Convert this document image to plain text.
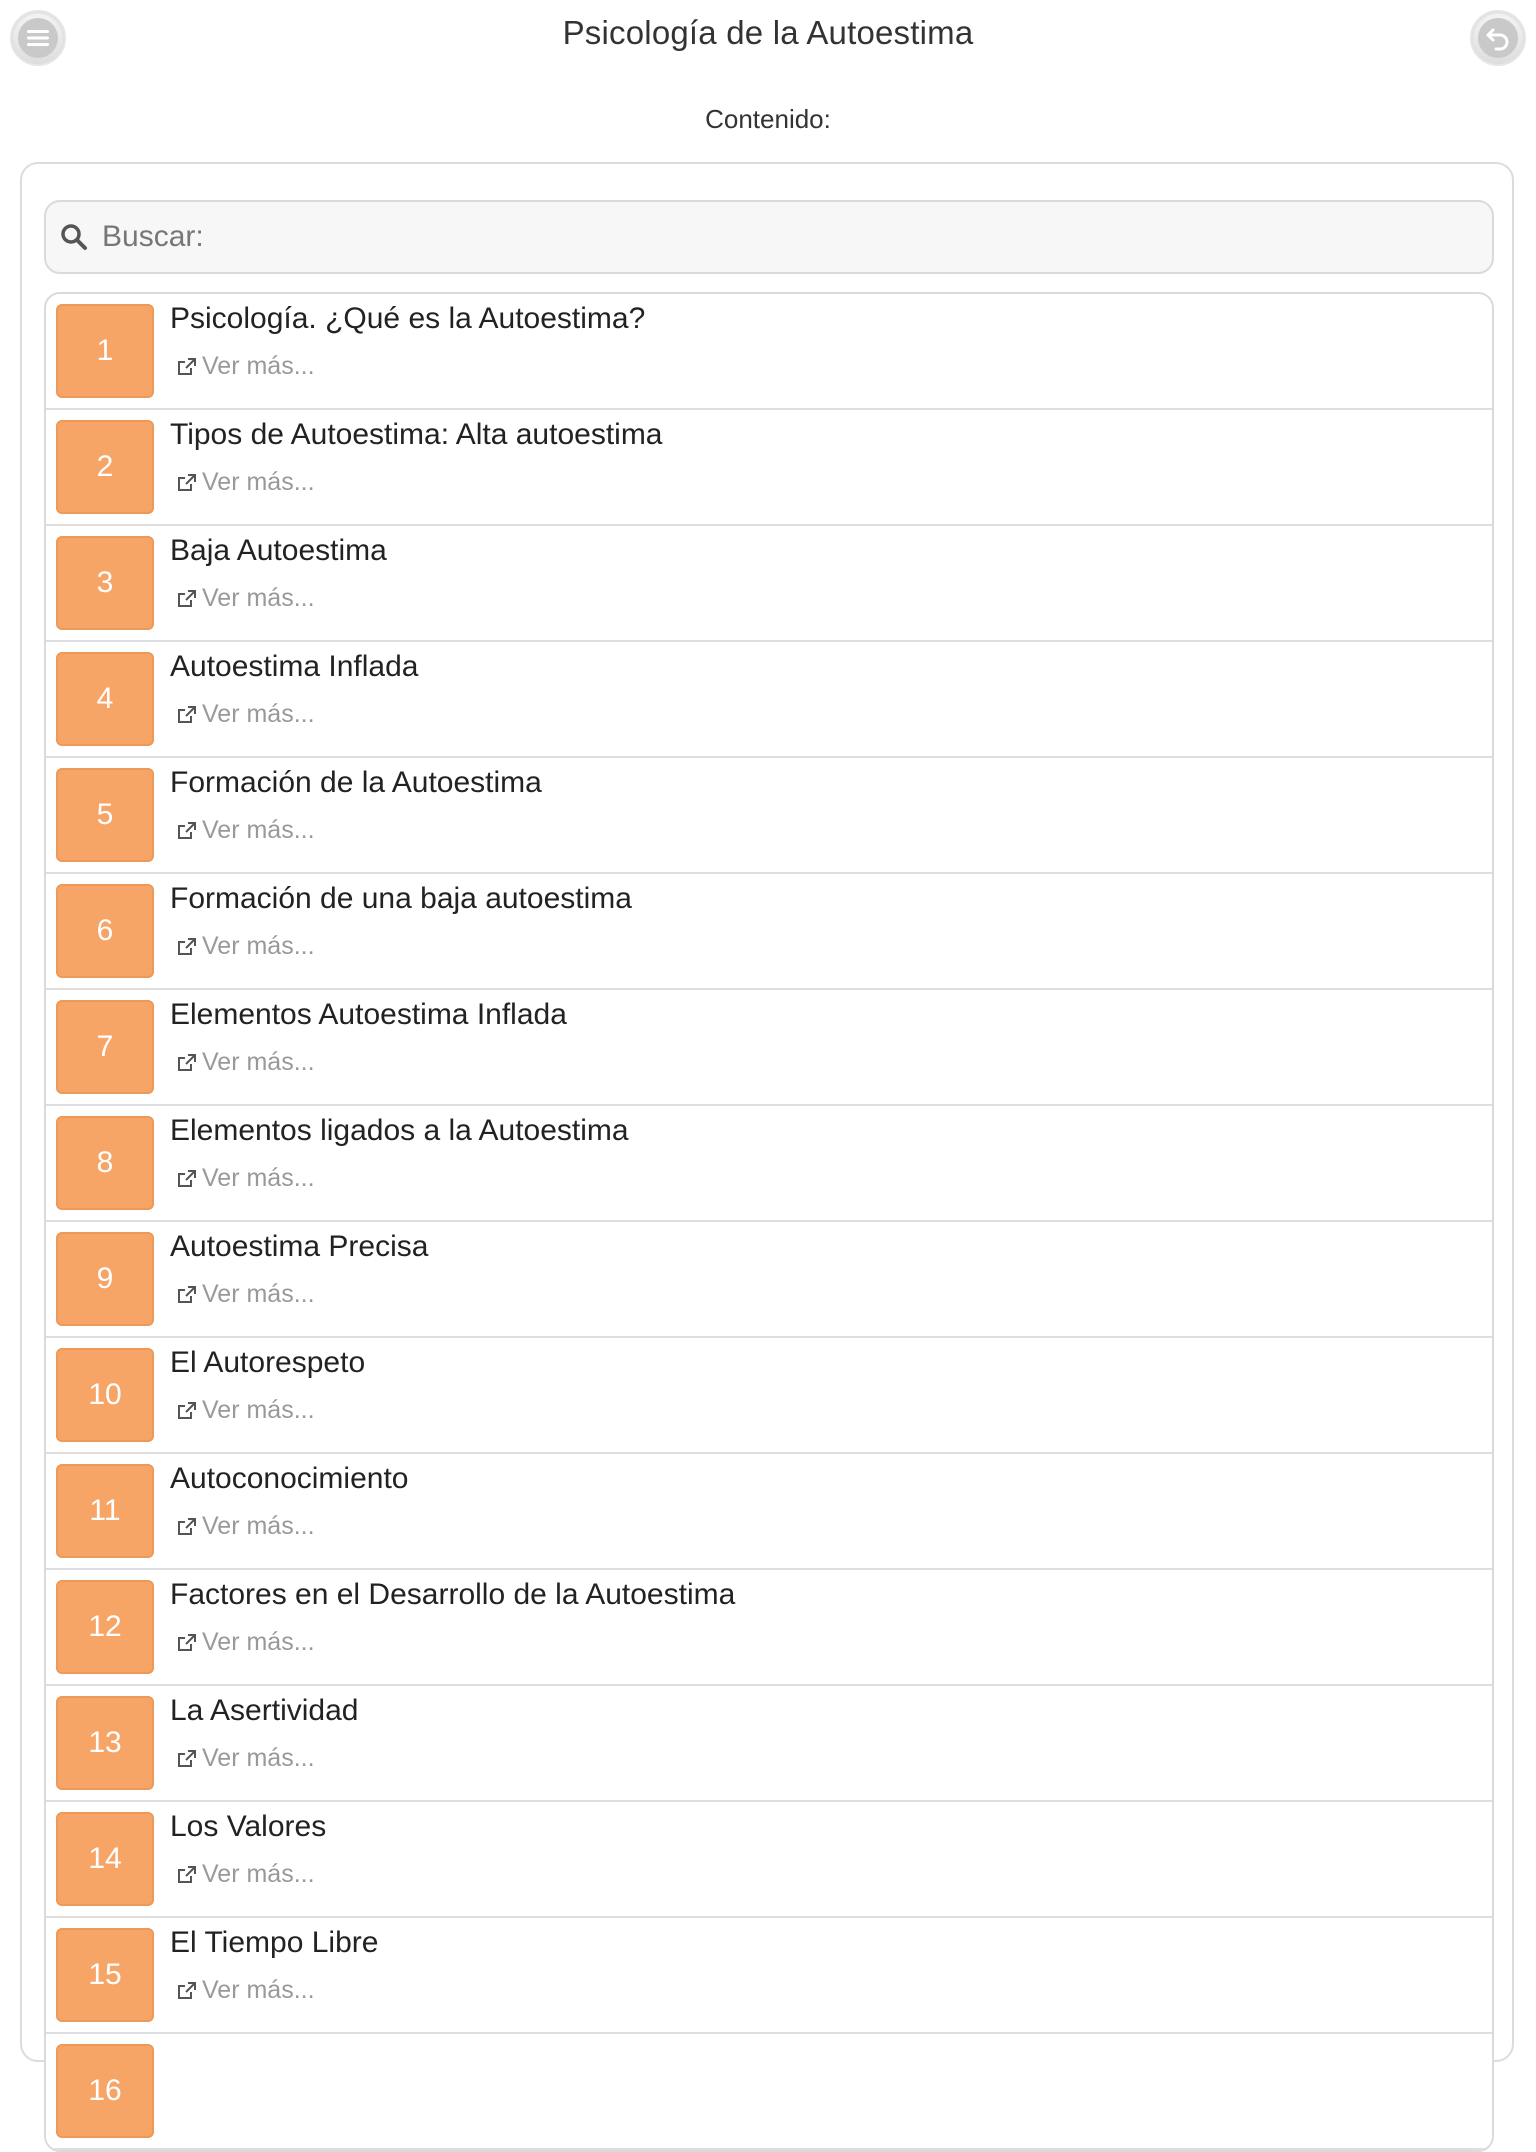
Psicología de la Autoestima
Contenido:
Buscar:
1
Psicología. ¿Qué es la Autoestima?
Ver más...
2
Tipos de Autoestima: Alta autoestima
Ver más...
3
Baja Autoestima
Ver más...
4
Autoestima Inflada
Ver más...
5
Formación de la Autoestima
Ver más...
6
Formación de una baja autoestima
Ver más...
7
Elementos Autoestima Inflada
Ver más...
8
Elementos ligados a la Autoestima
Ver más...
9
Autoestima Precisa
Ver más...
10
El Autorespeto
Ver más...
11
Autoconocimiento
Ver más...
12
Factores en el Desarrollo de la Autoestima
Ver más...
13
La Asertividad
Ver más...
14
Los Valores
Ver más...
15
El Tiempo Libre
Ver más...
16
